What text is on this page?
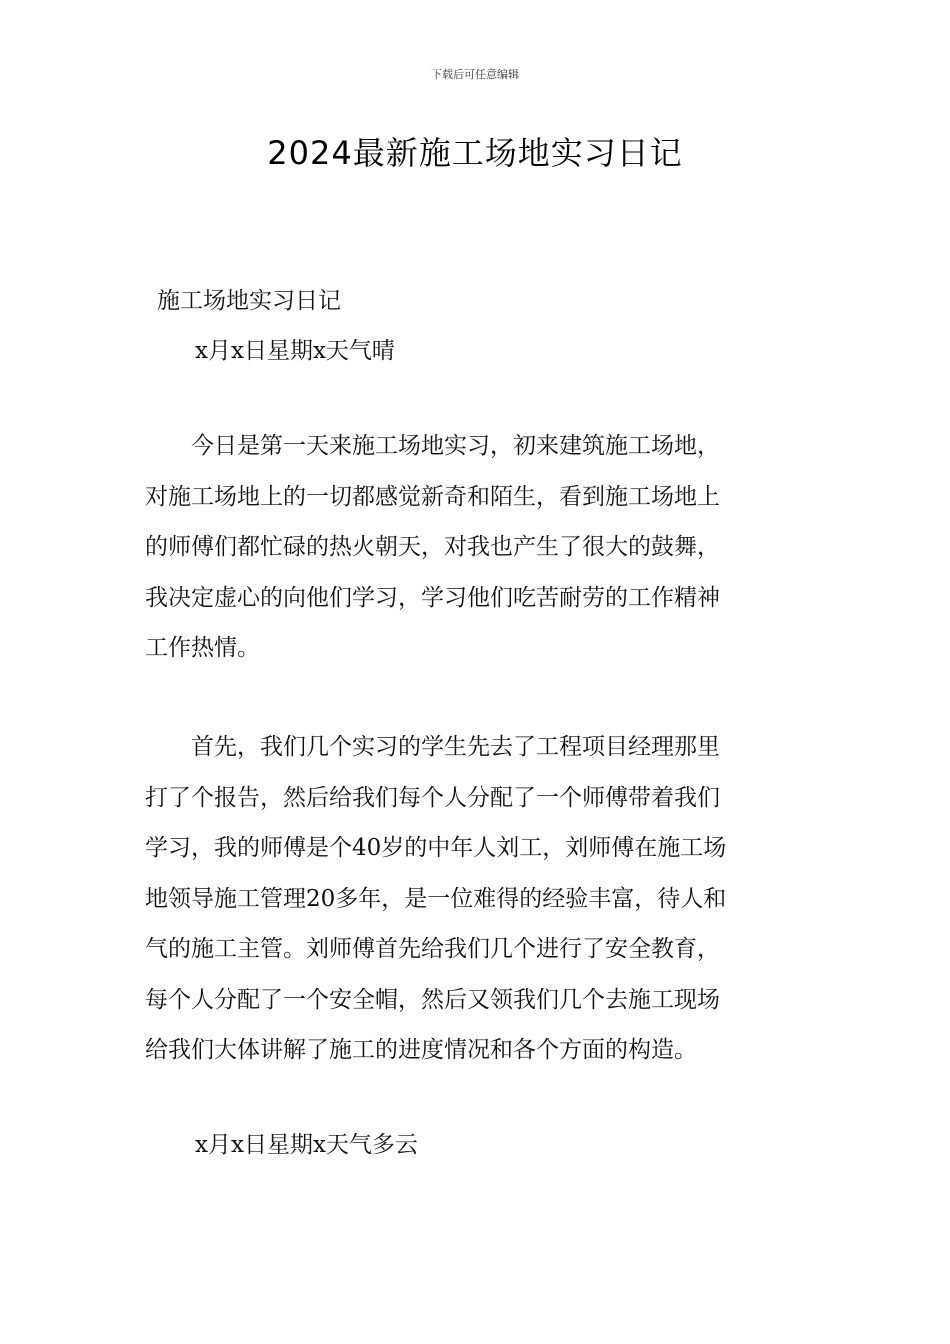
下载后可任意编辑
2024最新施工场地实习日记
施工场地实习日记
x月x日星期x天气晴
　　今日是第一天来施工场地实习，初来建筑施工场地，
对施工场地上的一切都感觉新奇和陌生，看到施工场地上
的师傅们都忙碌的热火朝天，对我也产生了很大的鼓舞，
我决定虚心的向他们学习，学习他们吃苦耐劳的工作精神
工作热情。
　　首先，我们几个实习的学生先去了工程项目经理那里
打了个报告，然后给我们每个人分配了一个师傅带着我们
学习，我的师傅是个40岁的中年人刘工，刘师傅在施工场
地领导施工管理20多年，是一位难得的经验丰富，待人和
气的施工主管。刘师傅首先给我们几个进行了安全教育，
每个人分配了一个安全帽，然后又领我们几个去施工现场
给我们大体讲解了施工的进度情况和各个方面的构造。
x月x日星期x天气多云
